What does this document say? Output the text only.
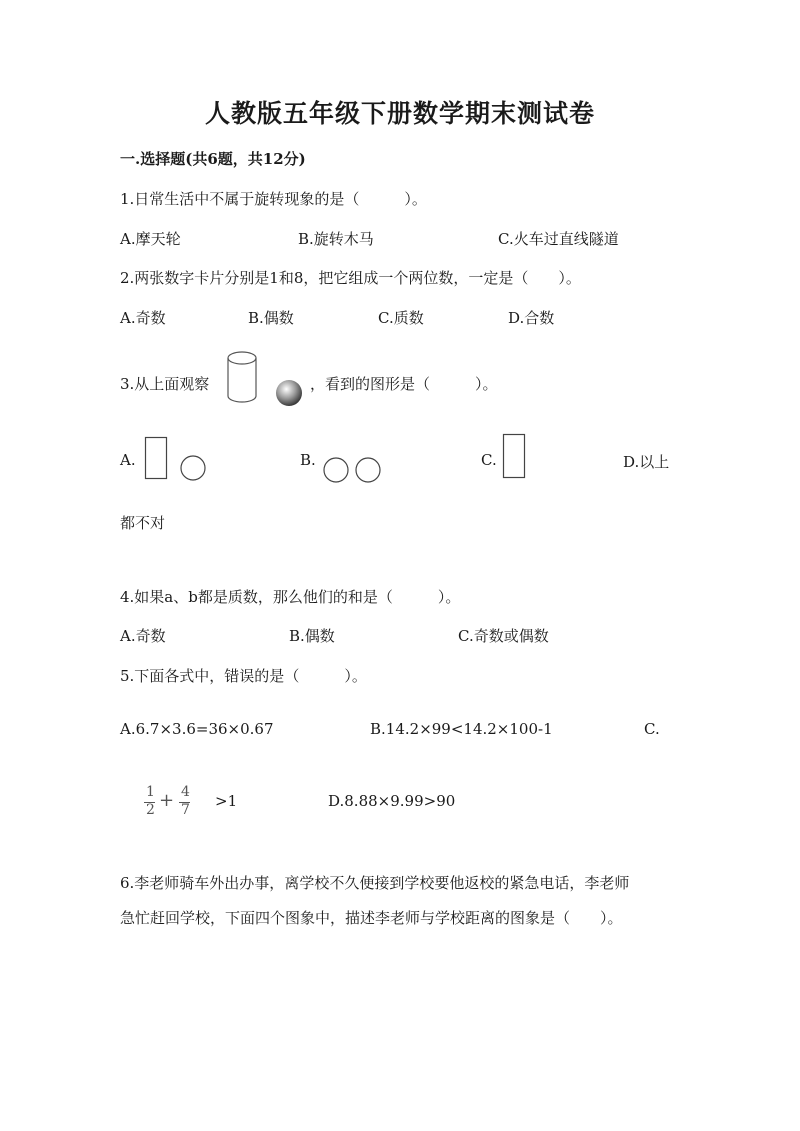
人教版五年级下册数学期末测试卷
一.选择题(共6题，共12分)
1.日常生活中不属于旋转现象的是（　　　）。
A.摩天轮	B.旋转木马	C.火车过直线隧道
2.两张数字卡片分别是1和8，把它组成一个两位数，一定是（　　）。
A.奇数	B.偶数	C.质数	D.合数
3.从上面观察	，看到的图形是（　　　）。
A.	B.	C.	D.以上
都不对
4.如果a、b都是质数，那么他们的和是（　　　）。
A.奇数	B.偶数	C.奇数或偶数
5.下面各式中，错误的是（　　　）。
A.6.7×3.6=36×0.67	B.14.2×99<14.2×100-1	C.
1
2 + 4
7 >1	D.8.88×9.99>90
6.李老师骑车外出办事，离学校不久便接到学校要他返校的紧急电话，李老师
急忙赶回学校，下面四个图象中，描述李老师与学校距离的图象是（　　）。
